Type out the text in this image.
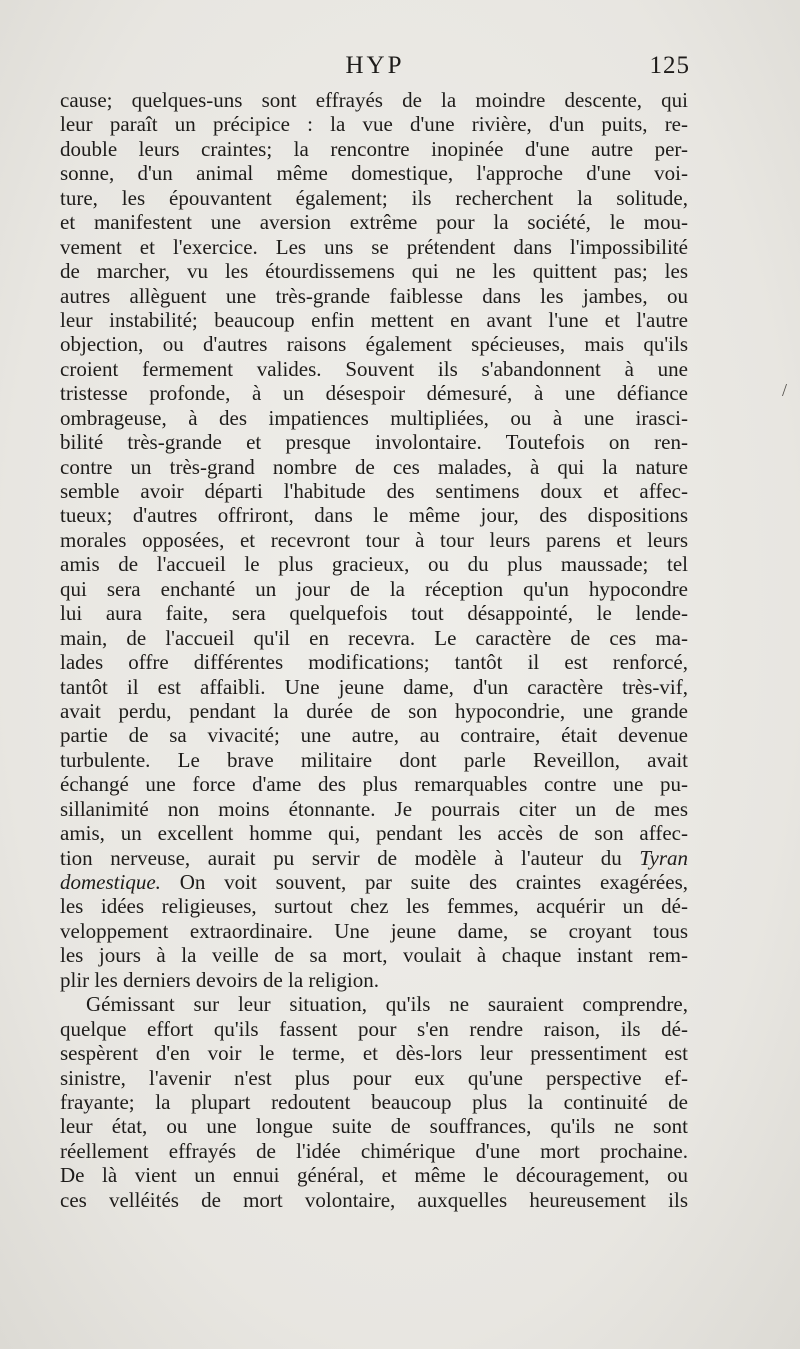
HYP	125
/
cause; quelques-uns sont effrayés de la moindre descente, qui
leur paraît un précipice : la vue d'une rivière, d'un puits, re-
double leurs craintes; la rencontre inopinée d'une autre per-
sonne, d'un animal même domestique, l'approche d'une voi-
ture, les épouvantent également; ils recherchent la solitude,
et manifestent une aversion extrême pour la société, le mou-
vement et l'exercice. Les uns se prétendent dans l'impossibilité
de marcher, vu les étourdissemens qui ne les quittent pas; les
autres allèguent une très-grande faiblesse dans les jambes, ou
leur instabilité; beaucoup enfin mettent en avant l'une et l'autre
objection, ou d'autres raisons également spécieuses, mais qu'ils
croient fermement valides. Souvent ils s'abandonnent à une
tristesse profonde, à un désespoir démesuré, à une défiance
ombrageuse, à des impatiences multipliées, ou à une irasci-
bilité très-grande et presque involontaire. Toutefois on ren-
contre un très-grand nombre de ces malades, à qui la nature
semble avoir départi l'habitude des sentimens doux et affec-
tueux; d'autres offriront, dans le même jour, des dispositions
morales opposées, et recevront tour à tour leurs parens et leurs
amis de l'accueil le plus gracieux, ou du plus maussade; tel
qui sera enchanté un jour de la réception qu'un hypocondre
lui aura faite, sera quelquefois tout désappointé, le lende-
main, de l'accueil qu'il en recevra. Le caractère de ces ma-
lades offre différentes modifications; tantôt il est renforcé,
tantôt il est affaibli. Une jeune dame, d'un caractère très-vif,
avait perdu, pendant la durée de son hypocondrie, une grande
partie de sa vivacité; une autre, au contraire, était devenue
turbulente. Le brave militaire dont parle Reveillon, avait
échangé une force d'ame des plus remarquables contre une pu-
sillanimité non moins étonnante. Je pourrais citer un de mes
amis, un excellent homme qui, pendant les accès de son affec-
tion nerveuse, aurait pu servir de modèle à l'auteur du Tyran
domestique. On voit souvent, par suite des craintes exagérées,
les idées religieuses, surtout chez les femmes, acquérir un dé-
veloppement extraordinaire. Une jeune dame, se croyant tous
les jours à la veille de sa mort, voulait à chaque instant rem-
plir les derniers devoirs de la religion.
Gémissant sur leur situation, qu'ils ne sauraient comprendre,
quelque effort qu'ils fassent pour s'en rendre raison, ils dé-
sespèrent d'en voir le terme, et dès-lors leur pressentiment est
sinistre, l'avenir n'est plus pour eux qu'une perspective ef-
frayante; la plupart redoutent beaucoup plus la continuité de
leur état, ou une longue suite de souffrances, qu'ils ne sont
réellement effrayés de l'idée chimérique d'une mort prochaine.
De là vient un ennui général, et même le découragement, ou
ces velléités de mort volontaire, auxquelles heureusement ils
